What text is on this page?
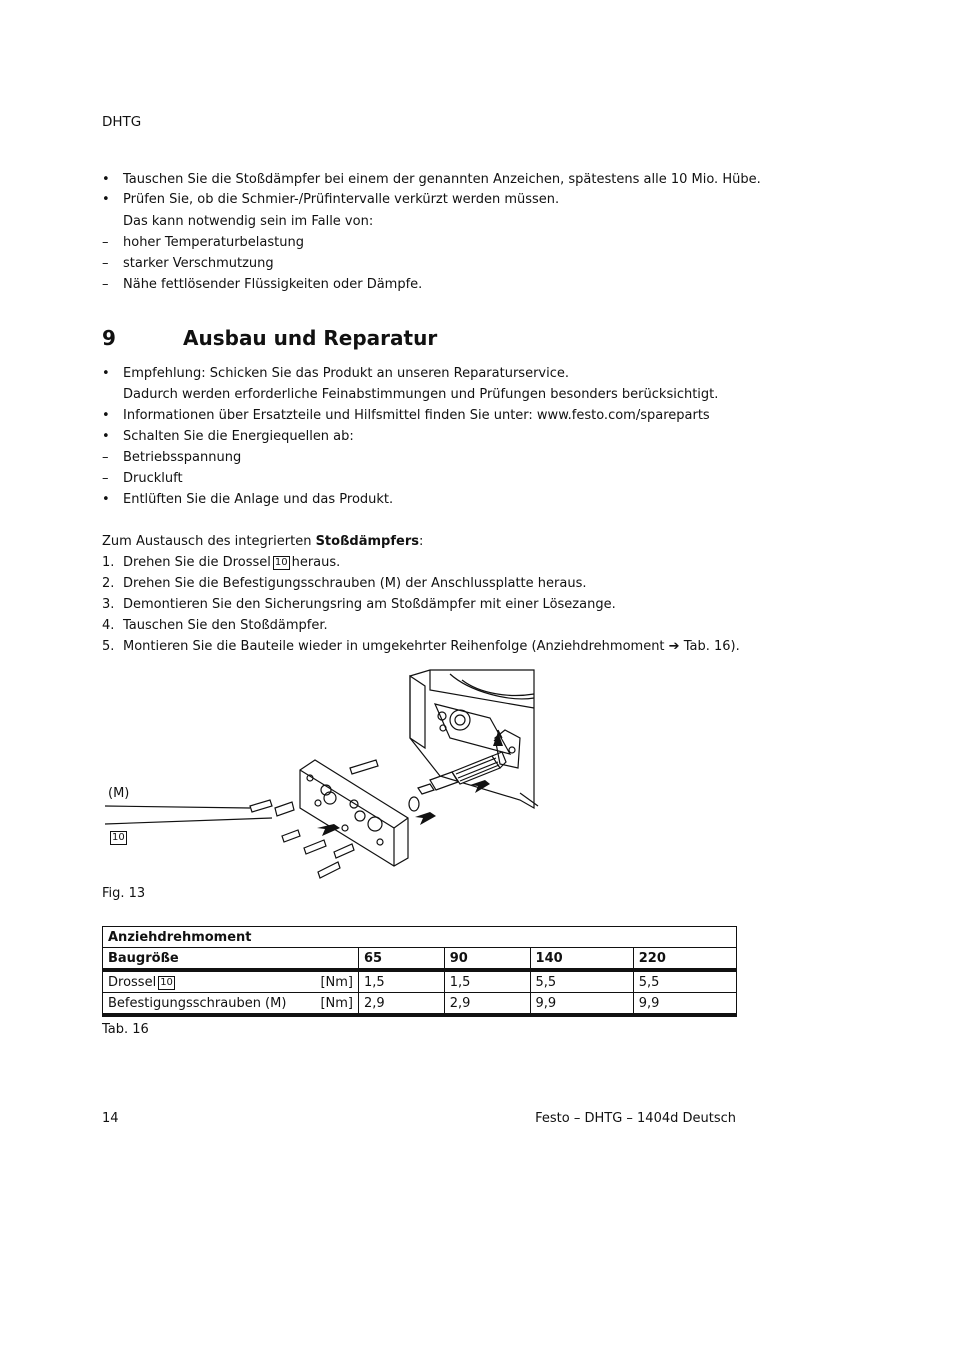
DHTG
• Tauschen Sie die Stoßdämpfer bei einem der genannten Anzeichen, spätestens alle 10 Mio. Hübe.
• Prüfen Sie, ob die Schmier-/Prüfintervalle verkürzt werden müssen.
Das kann notwendig sein im Falle von:
– hoher Temperaturbelastung
– starker Verschmutzung
– Nähe fettlösender Flüssigkeiten oder Dämpfe.
9	Ausbau und Reparatur
• Empfehlung: Schicken Sie das Produkt an unseren Reparaturservice.
Dadurch werden erforderliche Feinabstimmungen und Prüfungen besonders berücksichtigt.
• Informationen über Ersatzteile und Hilfsmittel finden Sie unter: www.festo.com/spareparts
• Schalten Sie die Energiequellen ab:
– Betriebsspannung
– Druckluft
• Entlüften Sie die Anlage und das Produkt.
Zum Austausch des integrierten Stoßdämpfers:
1. Drehen Sie die Drossel 10 heraus.
2. Drehen Sie die Befestigungsschrauben (M) der Anschlussplatte heraus.
3. Demontieren Sie den Sicherungsring am Stoßdämpfer mit einer Lösezange.
4. Tauschen Sie den Stoßdämpfer.
5. Montieren Sie die Bauteile wieder in umgekehrter Reihenfolge (Anziehdrehmoment ➔ Tab. 16).
(M)
10
Fig. 13
Anziehdrehmoment				
Baugröße	65	90	140	220
Drossel 10 [Nm]	1,5	1,5	5,5	5,5
Befestigungsschrauben (M) [Nm]	2,9	2,9	9,9	9,9
Tab. 16
14	Festo – DHTG – 1404d Deutsch
